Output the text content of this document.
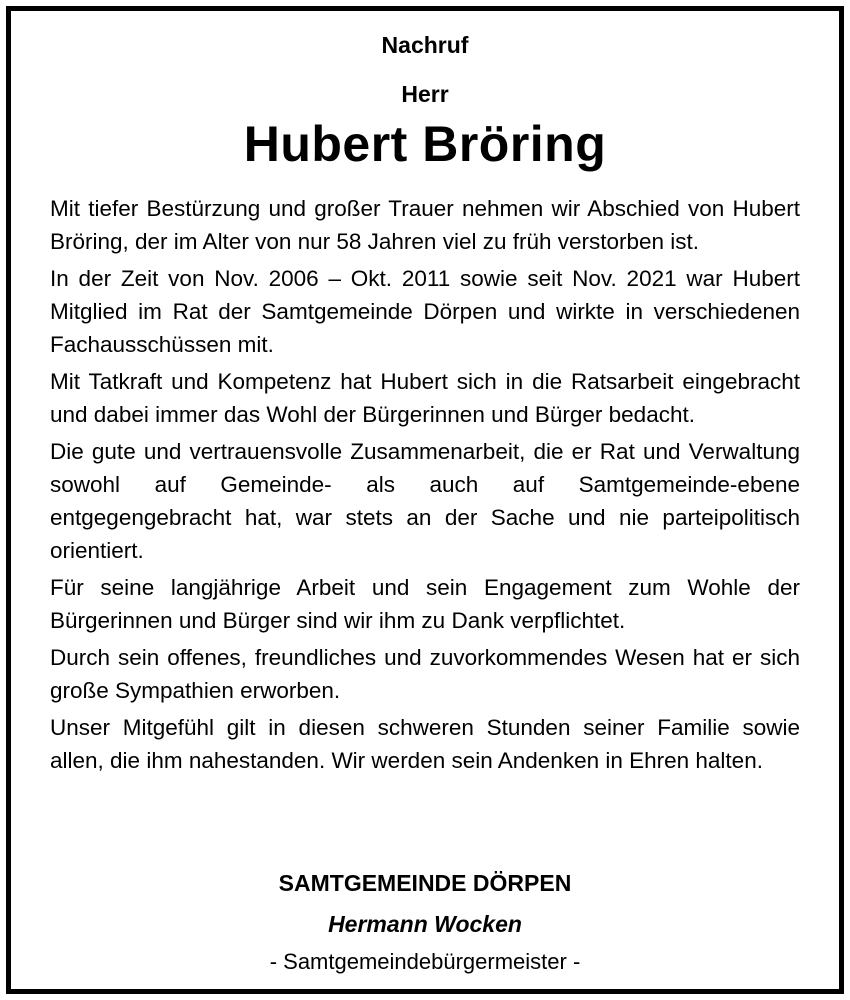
Nachruf
Herr
Hubert Bröring

Mit tiefer Bestürzung und großer Trauer nehmen wir Abschied von Hubert Bröring, der im Alter von nur 58 Jahren viel zu früh verstorben ist.

In der Zeit von Nov. 2006 – Okt. 2011 sowie seit Nov. 2021 war Hubert Mitglied im Rat der Samtgemeinde Dörpen und wirkte in verschiedenen Fachausschüssen mit.

Mit Tatkraft und Kompetenz hat Hubert sich in die Ratsarbeit eingebracht und dabei immer das Wohl der Bürgerinnen und Bürger bedacht.

Die gute und vertrauensvolle Zusammenarbeit, die er Rat und Verwaltung sowohl auf Gemeinde- als auch auf Samtgemeinde-ebene entgegengebracht hat, war stets an der Sache und nie parteipolitisch orientiert.

Für seine langjährige Arbeit und sein Engagement zum Wohle der Bürgerinnen und Bürger sind wir ihm zu Dank verpflichtet.

Durch sein offenes, freundliches und zuvorkommendes Wesen hat er sich große Sympathien erworben.

Unser Mitgefühl gilt in diesen schweren Stunden seiner Familie sowie allen, die ihm nahestanden. Wir werden sein Andenken in Ehren halten.

SAMTGEMEINDE DÖRPEN
Hermann Wocken
- Samtgemeindebürgermeister -
